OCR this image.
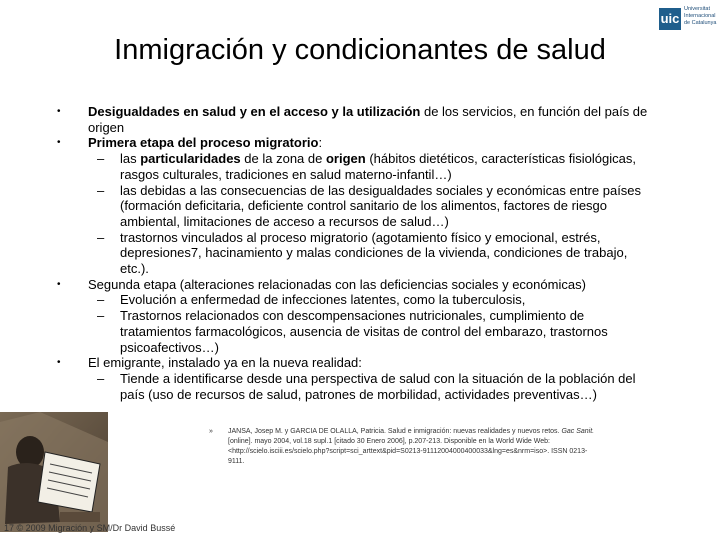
uic
Universitat
Internacional
de Catalunya
Inmigración y condicionantes de salud
• Desigualdades en salud y en el acceso y la utilización de los servicios, en función del país de origen
• Primera etapa del proceso migratorio:
– las particularidades de la zona de origen (hábitos dietéticos, características fisiológicas, rasgos culturales, tradiciones en salud materno-infantil…)
– las debidas a las consecuencias de las desigualdades sociales y económicas entre países (formación deficitaria, deficiente control sanitario de los alimentos, factores de riesgo ambiental, limitaciones de acceso a recursos de salud…)
– trastornos vinculados al proceso migratorio (agotamiento físico y emocional, estrés, depresiones7, hacinamiento y malas condiciones de la vivienda, condiciones de trabajo, etc.).
• Segunda etapa (alteraciones relacionadas con las deficiencias sociales y económicas)
– Evolución a enfermedad de infecciones latentes, como la tuberculosis,
– Trastornos relacionados con descompensaciones nutricionales, cumplimiento de tratamientos farmacológicos, ausencia de visitas de control del embarazo, trastornos psicoafectivos…)
• El emigrante, instalado ya en la nueva realidad:
– Tiende a identificarse desde una perspectiva de salud con la situación de la población del país (uso de recursos de salud, patrones de morbilidad, actividades preventivas…)
» JANSA, Josep M. y GARCIA DE OLALLA, Patricia. Salud e inmigración: nuevas realidades y nuevos retos. Gac Sanit. [online]. mayo 2004, vol.18 supl.1 [citado 30 Enero 2006], p.207-213. Disponible en la World Wide Web: <http://scielo.isciii.es/scielo.php?script=sci_arttext&pid=S0213-91112004000400033&lng=es&nrm=iso>. ISSN 0213-9111.
17 © 2009 Migración y SM/Dr David Bussé
